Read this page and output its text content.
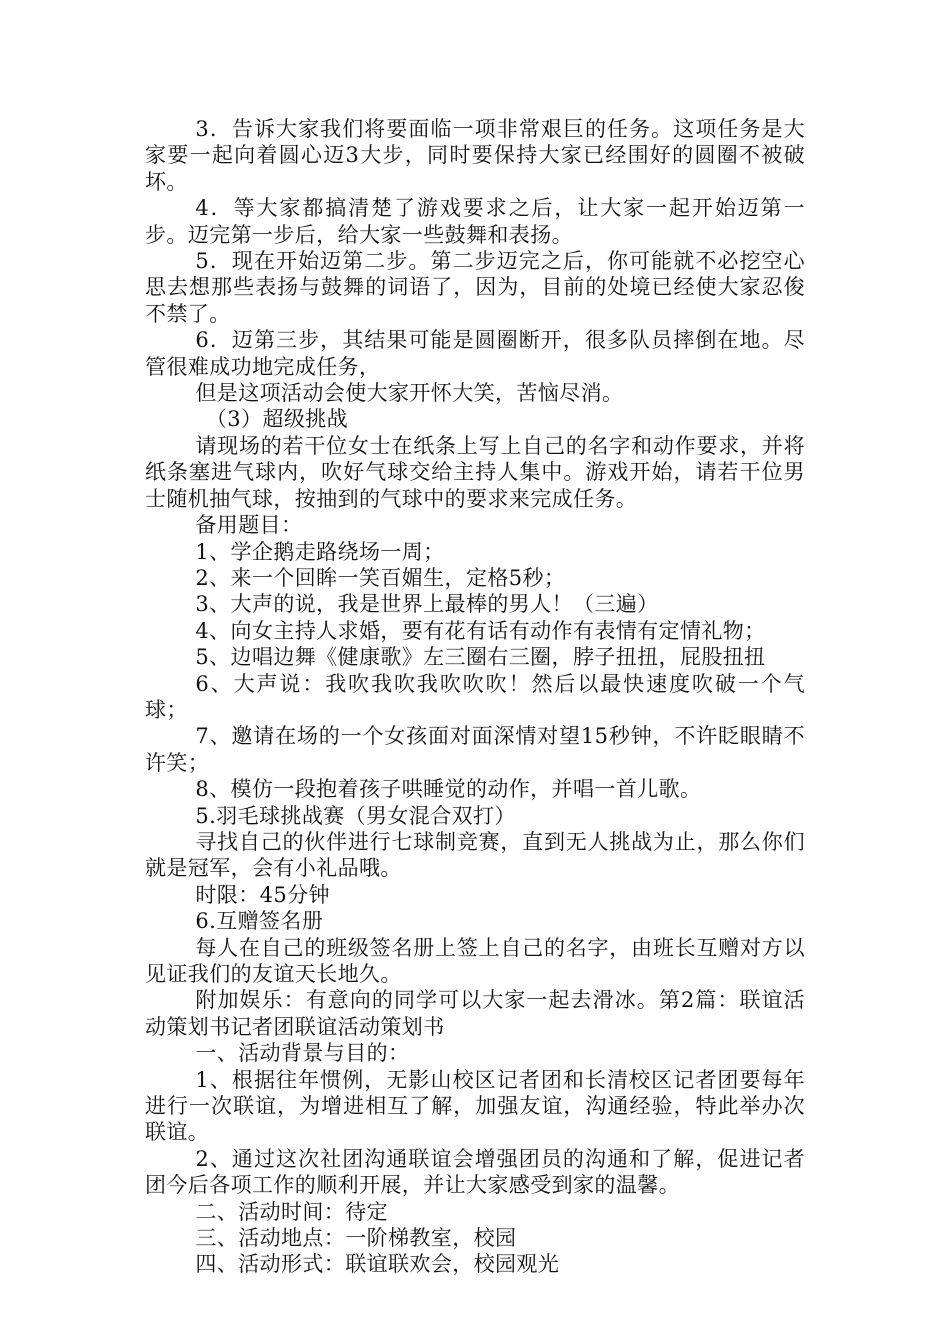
3．告诉大家我们将要面临一项非常艰巨的任务。这项任务是大家要一起向着圆心迈3大步，同时要保持大家已经围好的圆圈不被破坏。

4．等大家都搞清楚了游戏要求之后，让大家一起开始迈第一步。迈完第一步后，给大家一些鼓舞和表扬。

5．现在开始迈第二步。第二步迈完之后，你可能就不必挖空心思去想那些表扬与鼓舞的词语了，因为，目前的处境已经使大家忍俊不禁了。

6．迈第三步，其结果可能是圆圈断开，很多队员摔倒在地。尽管很难成功地完成任务，

但是这项活动会使大家开怀大笑，苦恼尽消。

（3）超级挑战

请现场的若干位女士在纸条上写上自己的名字和动作要求，并将纸条塞进气球内，吹好气球交给主持人集中。游戏开始，请若干位男士随机抽气球，按抽到的气球中的要求来完成任务。

备用题目：

1、学企鹅走路绕场一周；

2、来一个回眸一笑百媚生，定格5秒；

3、大声的说，我是世界上最棒的男人！（三遍）

4、向女主持人求婚，要有花有话有动作有表情有定情礼物；

5、边唱边舞《健康歌》左三圈右三圈，脖子扭扭，屁股扭扭

6、大声说：我吹我吹我吹吹吹！然后以最快速度吹破一个气球；

7、邀请在场的一个女孩面对面深情对望15秒钟，不许眨眼睛不许笑；

8、模仿一段抱着孩子哄睡觉的动作，并唱一首儿歌。

5.羽毛球挑战赛（男女混合双打）

寻找自己的伙伴进行七球制竞赛，直到无人挑战为止，那么你们就是冠军，会有小礼品哦。

时限：45分钟

6.互赠签名册

每人在自己的班级签名册上签上自己的名字，由班长互赠对方以见证我们的友谊天长地久。

附加娱乐：有意向的同学可以大家一起去滑冰。第2篇：联谊活动策划书记者团联谊活动策划书

一、活动背景与目的：

1、根据往年惯例，无影山校区记者团和长清校区记者团要每年进行一次联谊，为增进相互了解，加强友谊，沟通经验，特此举办次联谊。

2、通过这次社团沟通联谊会增强团员的沟通和了解，促进记者团今后各项工作的顺利开展，并让大家感受到家的温馨。

二、活动时间：待定

三、活动地点：一阶梯教室，校园

四、活动形式：联谊联欢会，校园观光
